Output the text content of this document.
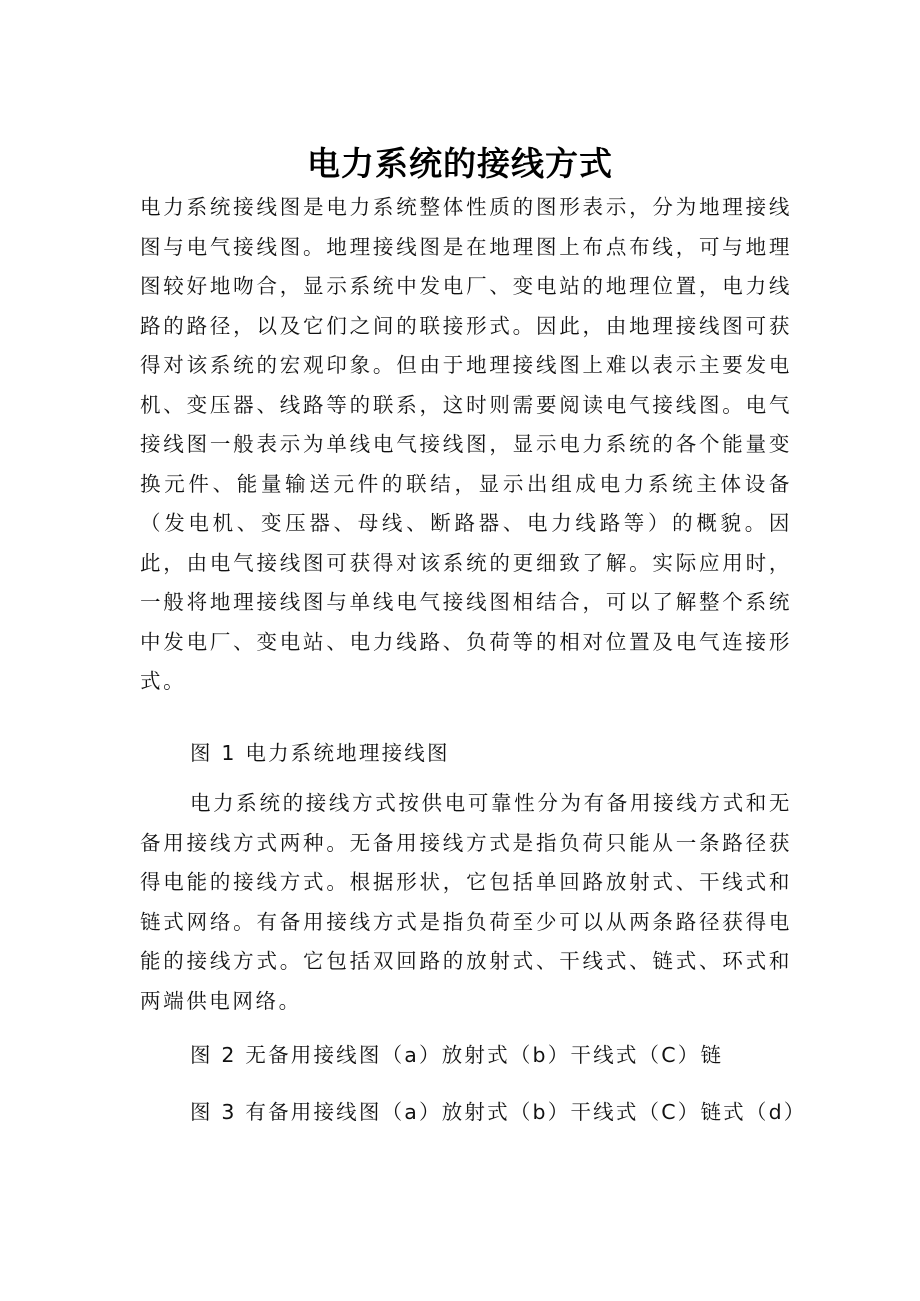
电力系统的接线方式

电力系统接线图是电力系统整体性质的图形表示，分为地理接线图与电气接线图。地理接线图是在地理图上布点布线，可与地理图较好地吻合，显示系统中发电厂、变电站的地理位置，电力线路的路径，以及它们之间的联接形式。因此，由地理接线图可获得对该系统的宏观印象。但由于地理接线图上难以表示主要发电机、变压器、线路等的联系，这时则需要阅读电气接线图。电气接线图一般表示为单线电气接线图，显示电力系统的各个能量变换元件、能量输送元件的联结，显示出组成电力系统主体设备（发电机、变压器、母线、断路器、电力线路等）的概貌。因此，由电气接线图可获得对该系统的更细致了解。实际应用时，一般将地理接线图与单线电气接线图相结合，可以了解整个系统中发电厂、变电站、电力线路、负荷等的相对位置及电气连接形式。

图 1 电力系统地理接线图

电力系统的接线方式按供电可靠性分为有备用接线方式和无备用接线方式两种。无备用接线方式是指负荷只能从一条路径获得电能的接线方式。根据形状，它包括单回路放射式、干线式和链式网络。有备用接线方式是指负荷至少可以从两条路径获得电能的接线方式。它包括双回路的放射式、干线式、链式、环式和两端供电网络。

图 2 无备用接线图（a）放射式（b）干线式（C）链

图 3 有备用接线图（a）放射式（b）干线式（C）链式（d）
